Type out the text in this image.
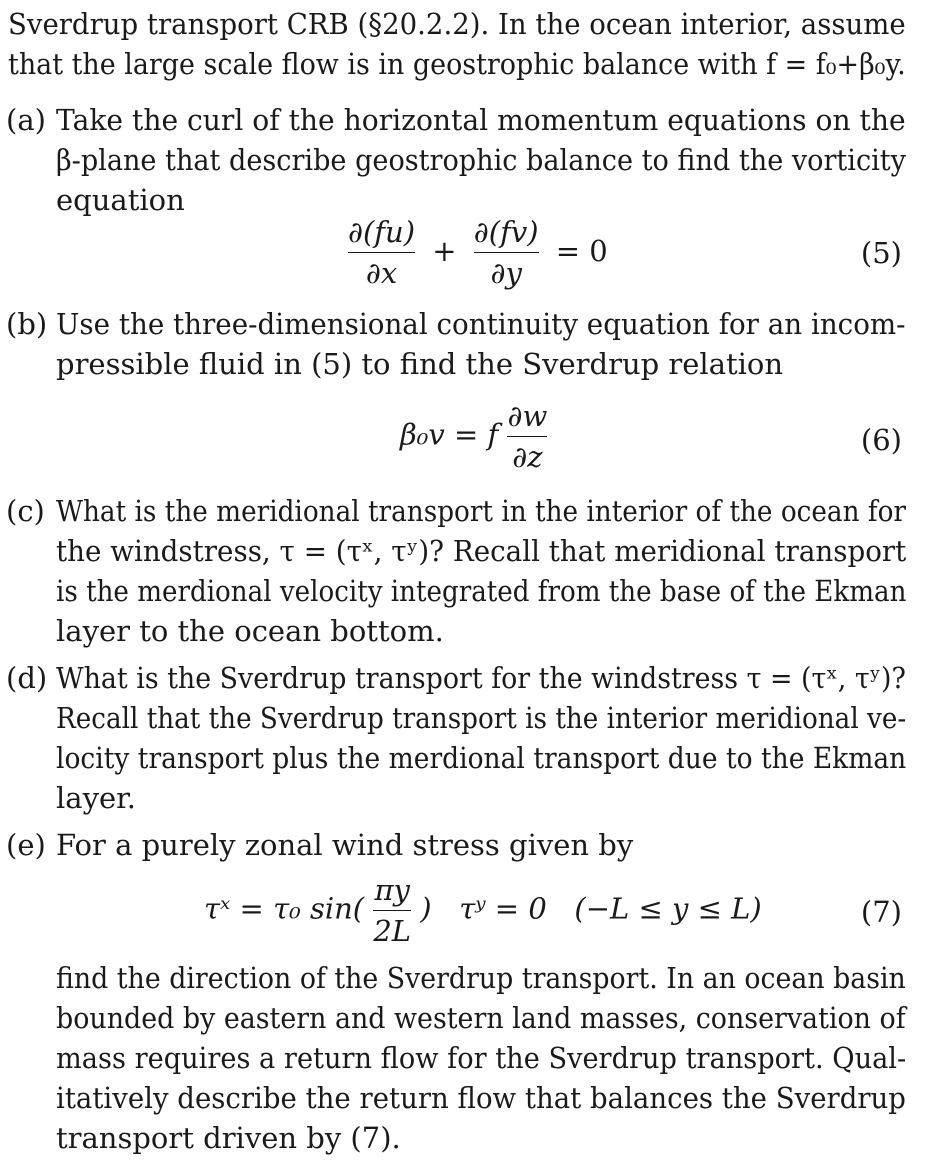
Sverdrup transport CRB (§20.2.2). In the ocean interior, assume
that the large scale flow is in geostrophic balance with f = f₀+β₀y.
(a) Take the curl of the horizontal momentum equations on the
β-plane that describe geostrophic balance to find the vorticity
equation
$\frac{\partial(fu)}{\partial x} + \frac{\partial(fv)}{\partial y} = 0$	(5)
(b) Use the three-dimensional continuity equation for an incom-
pressible fluid in (5) to find the Sverdrup relation
β₀v = f $\frac{\partial w}{\partial z}$	(6)
(c) What is the meridional transport in the interior of the ocean for
the windstress, τ = (τˣ, τʸ)? Recall that meridional transport
is the merdional velocity integrated from the base of the Ekman
layer to the ocean bottom.
(d) What is the Sverdrup transport for the windstress τ = (τˣ, τʸ)?
Recall that the Sverdrup transport is the interior meridional ve-
locity transport plus the merdional transport due to the Ekman
layer.
(e) For a purely zonal wind stress given by
τˣ = τ₀ $\sin( \frac{\pi y}{2L}$ )   τʸ = 0   (−L ≤ y ≤ L)	(7)
find the direction of the Sverdrup transport. In an ocean basin
bounded by eastern and western land masses, conservation of
mass requires a return flow for the Sverdrup transport. Qual-
itatively describe the return flow that balances the Sverdrup
transport driven by (7).
